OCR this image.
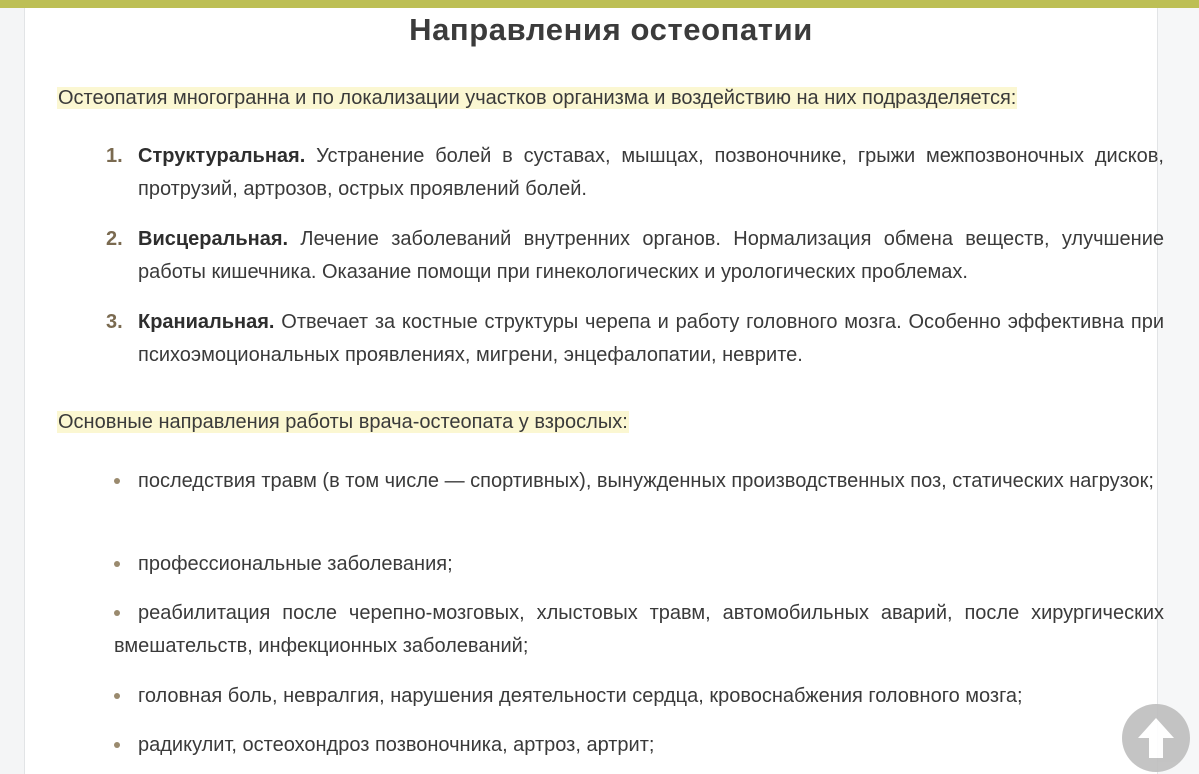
Направления остеопатии

Остеопатия многогранна и по локализации участков организма и воздействию на них подразделяется:

1. Структуральная. Устранение болей в суставах, мышцах, позвоночнике, грыжи межпозвоночных дисков, протрузий, артрозов, острых проявлений болей.
2. Висцеральная. Лечение заболеваний внутренних органов. Нормализация обмена веществ, улучшение работы кишечника. Оказание помощи при гинекологических и урологических проблемах.
3. Краниальная. Отвечает за костные структуры черепа и работу головного мозга. Особенно эффективна при психоэмоциональных проявлениях, мигрени, энцефалопатии, неврите.

Основные направления работы врача-остеопата у взрослых:

последствия травм (в том числе — спортивных), вынужденных производственных поз, статических нагрузок;
профессиональные заболевания;
реабилитация после черепно-мозговых, хлыстовых травм, автомобильных аварий, после хирургических вмешательств, инфекционных заболеваний;
головная боль, невралгия, нарушения деятельности сердца, кровоснабжения головного мозга;
радикулит, остеохондроз позвоночника, артроз, артрит;
